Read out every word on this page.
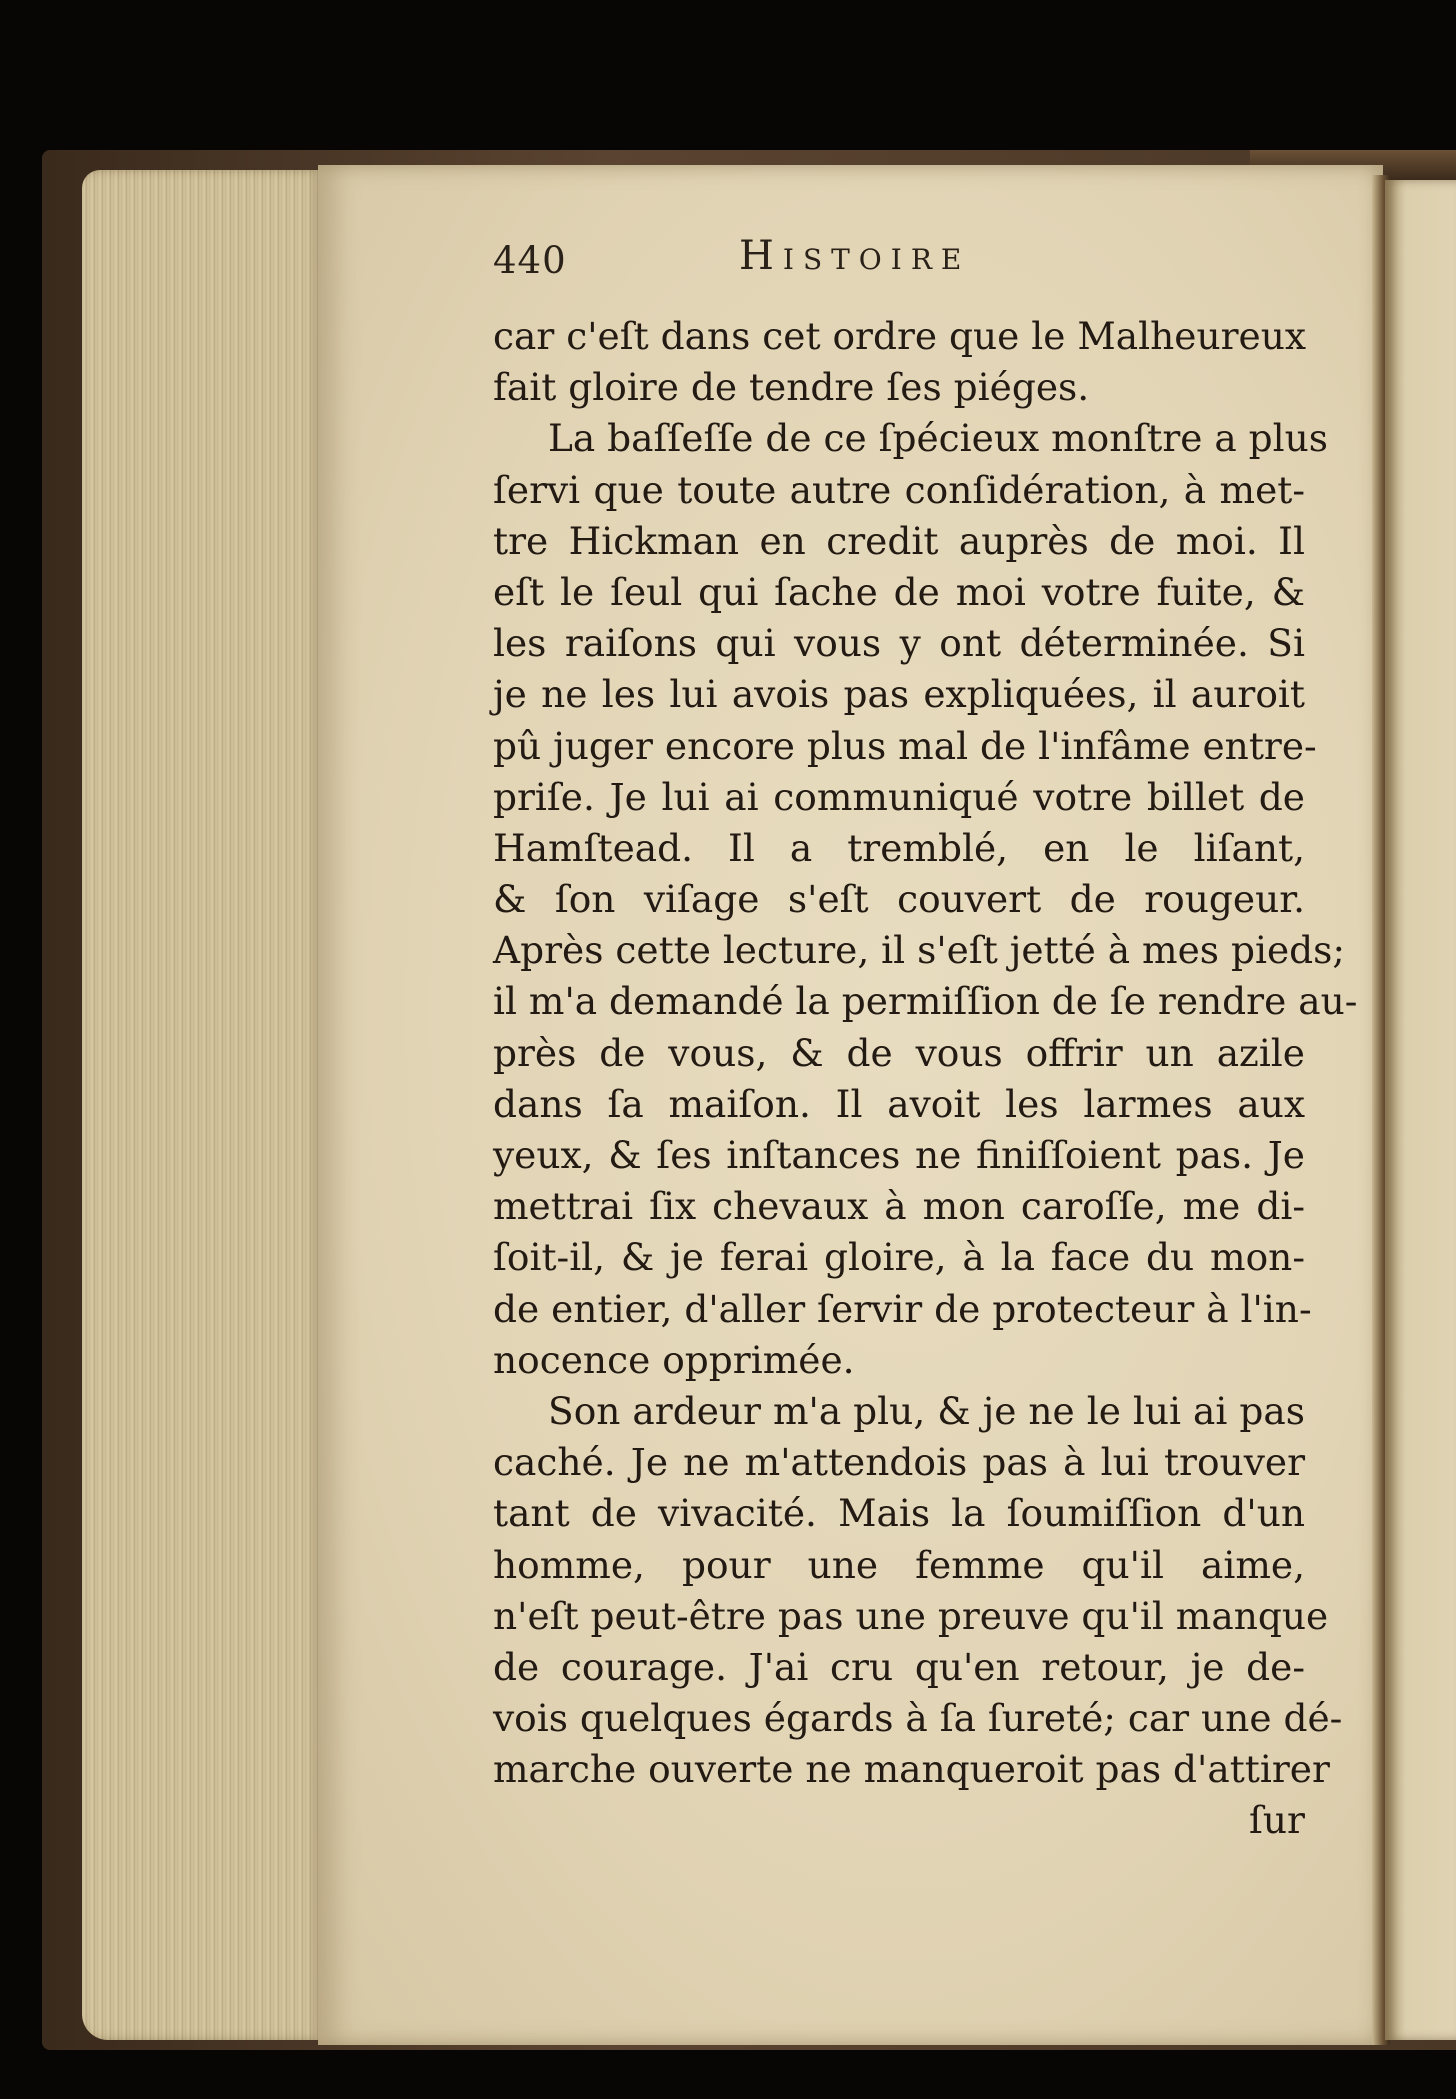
440	Histoire
car c'eſt dans cet ordre que le Malheureux
fait gloire de tendre ſes piéges.
La baſſeſſe de ce ſpécieux monſtre a plus
ſervi que toute autre conſidération, à met-
tre Hickman en credit auprès de moi. Il
eſt le ſeul qui ſache de moi votre fuite, &
les raiſons qui vous y ont déterminée. Si
je ne les lui avois pas expliquées, il auroit
pû juger encore plus mal de l'infâme entre-
priſe. Je lui ai communiqué votre billet de
Hamſtead. Il a tremblé, en le liſant,
& ſon viſage s'eſt couvert de rougeur.
Après cette lecture, il s'eſt jetté à mes pieds;
il m'a demandé la permiſſion de ſe rendre au-
près de vous, & de vous offrir un azile
dans ſa maiſon. Il avoit les larmes aux
yeux, & ſes inſtances ne finiſſoient pas. Je
mettrai ſix chevaux à mon caroſſe, me di-
ſoit-il, & je ferai gloire, à la face du mon-
de entier, d'aller ſervir de protecteur à l'in-
nocence opprimée.
Son ardeur m'a plu, & je ne le lui ai pas
caché. Je ne m'attendois pas à lui trouver
tant de vivacité. Mais la ſoumiſſion d'un
homme, pour une femme qu'il aime,
n'eſt peut-être pas une preuve qu'il manque
de courage. J'ai cru qu'en retour, je de-
vois quelques égards à ſa ſureté; car une dé-
marche ouverte ne manqueroit pas d'attirer
ſur
